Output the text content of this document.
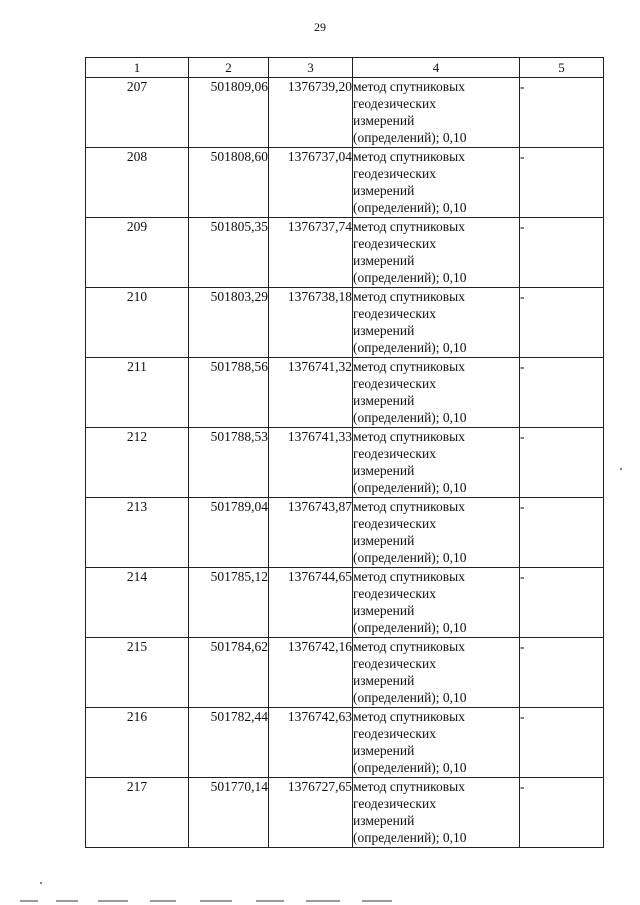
29
1	2	3	4	5
207	501809,06	1376739,20	метод спутниковых
геодезических
измерений
(определений); 0,10	-
208	501808,60	1376737,04	метод спутниковых
геодезических
измерений
(определений); 0,10	-
209	501805,35	1376737,74	метод спутниковых
геодезических
измерений
(определений); 0,10	-
210	501803,29	1376738,18	метод спутниковых
геодезических
измерений
(определений); 0,10	-
211	501788,56	1376741,32	метод спутниковых
геодезических
измерений
(определений); 0,10	-
212	501788,53	1376741,33	метод спутниковых
геодезических
измерений
(определений); 0,10	-
213	501789,04	1376743,87	метод спутниковых
геодезических
измерений
(определений); 0,10	-
214	501785,12	1376744,65	метод спутниковых
геодезических
измерений
(определений); 0,10	-
215	501784,62	1376742,16	метод спутниковых
геодезических
измерений
(определений); 0,10	-
216	501782,44	1376742,63	метод спутниковых
геодезических
измерений
(определений); 0,10	-
217	501770,14	1376727,65	метод спутниковых
геодезических
измерений
(определений); 0,10	-
